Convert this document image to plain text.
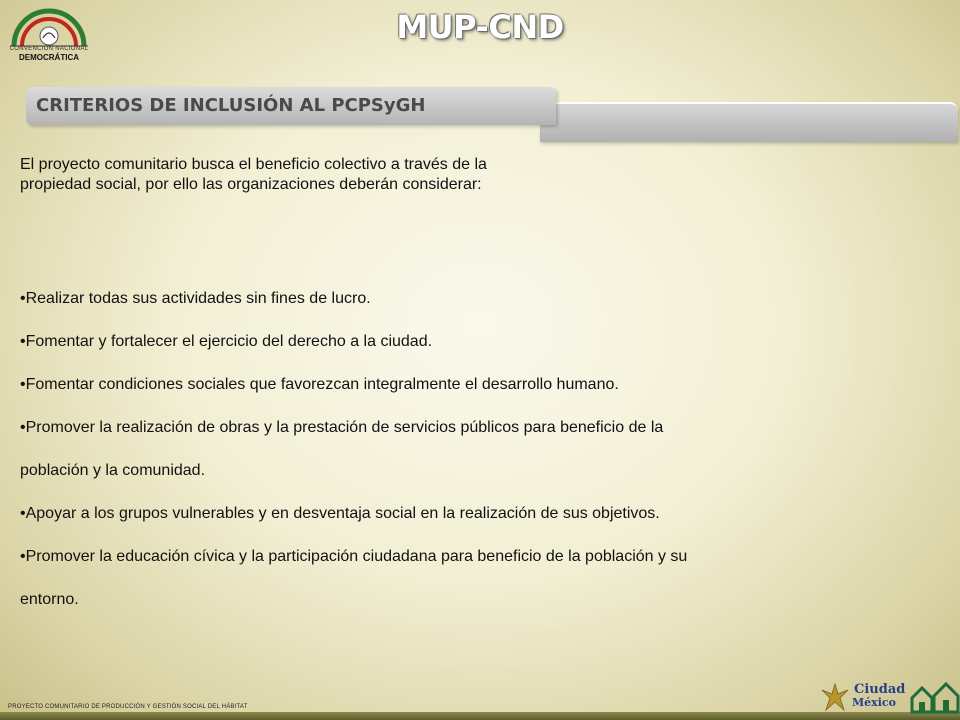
CONVENCIÓN NACIONAL
DEMOCRÁTICA
MUP-CND
CRITERIOS DE INCLUSIÓN AL PCPSyGH
El proyecto comunitario busca el beneficio colectivo a través de la propiedad social, por ello las organizaciones deberán considerar:
•Realizar todas sus actividades sin fines de lucro.
•Fomentar y fortalecer el ejercicio del derecho a la ciudad.
•Fomentar condiciones sociales que favorezcan integralmente el desarrollo humano.
•Promover la realización de obras y la prestación de servicios públicos para beneficio de la
población y la comunidad.
•Apoyar a los grupos vulnerables y en desventaja social en la realización de sus objetivos.
•Promover la educación cívica y la participación ciudadana para beneficio de la población y su
entorno.
PROYECTO COMUNITARIO DE PRODUCCIÓN Y GESTIÓN SOCIAL DEL HÁBITAT
Ciudad
México
